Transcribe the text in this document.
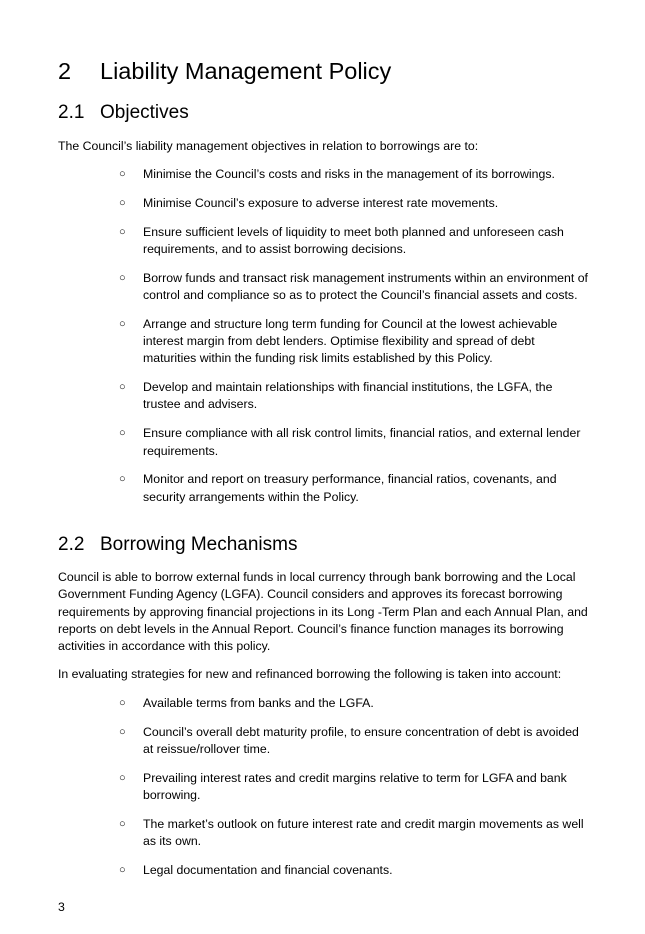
2 Liability Management Policy
2.1 Objectives

The Council’s liability management objectives in relation to borrowings are to:

○ Minimise the Council’s costs and risks in the management of its borrowings.
○ Minimise Council’s exposure to adverse interest rate movements.
○ Ensure sufficient levels of liquidity to meet both planned and unforeseen cash requirements, and to assist borrowing decisions.
○ Borrow funds and transact risk management instruments within an environment of control and compliance so as to protect the Council’s financial assets and costs.
○ Arrange and structure long term funding for Council at the lowest achievable interest margin from debt lenders. Optimise flexibility and spread of debt maturities within the funding risk limits established by this Policy.
○ Develop and maintain relationships with financial institutions, the LGFA, the trustee and advisers.
○ Ensure compliance with all risk control limits, financial ratios, and external lender requirements.
○ Monitor and report on treasury performance, financial ratios, covenants, and security arrangements within the Policy.
2.2 Borrowing Mechanisms

Council is able to borrow external funds in local currency through bank borrowing and the Local Government Funding Agency (LGFA). Council considers and approves its forecast borrowing requirements by approving financial projections in its Long -Term Plan and each Annual Plan, and reports on debt levels in the Annual Report. Council’s finance function manages its borrowing activities in accordance with this policy.

In evaluating strategies for new and refinanced borrowing the following is taken into account:

○ Available terms from banks and the LGFA.
○ Council’s overall debt maturity profile, to ensure concentration of debt is avoided at reissue/rollover time.
○ Prevailing interest rates and credit margins relative to term for LGFA and bank borrowing.
○ The market’s outlook on future interest rate and credit margin movements as well as its own.
○ Legal documentation and financial covenants.
3
